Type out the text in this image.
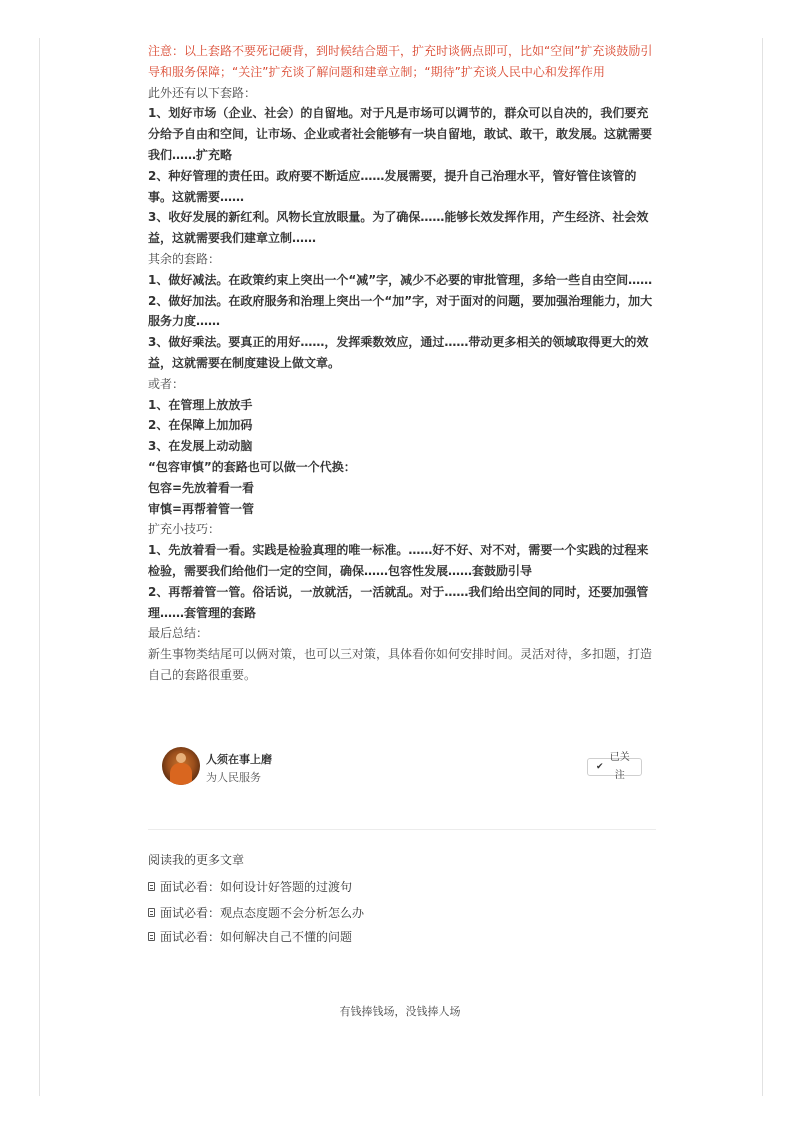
注意：以上套路不要死记硬背，到时候结合题干，扩充时谈俩点即可，比如“空间”扩充谈鼓励引导和服务保障；“关注”扩充谈了解问题和建章立制；“期待”扩充谈人民中心和发挥作用

此外还有以下套路：

1、划好市场（企业、社会）的自留地。对于凡是市场可以调节的，群众可以自决的，我们要充分给予自由和空间，让市场、企业或者社会能够有一块自留地，敢试、敢干，敢发展。这就需要我们……扩充略

2、种好管理的责任田。政府要不断适应……发展需要，提升自己治理水平，管好管住该管的事。这就需要……

3、收好发展的新红利。风物长宜放眼量。为了确保……能够长效发挥作用，产生经济、社会效益，这就需要我们建章立制……

其余的套路：

1、做好减法。在政策约束上突出一个“减”字，减少不必要的审批管理，多给一些自由空间……

2、做好加法。在政府服务和治理上突出一个“加”字，对于面对的问题，要加强治理能力，加大服务力度……

3、做好乘法。要真正的用好……，发挥乘数效应，通过……带动更多相关的领域取得更大的效益，这就需要在制度建设上做文章。

或者：

1、在管理上放放手

2、在保障上加加码

3、在发展上动动脑

“包容审慎”的套路也可以做一个代换：

包容=先放着看一看

审慎=再帮着管一管

扩充小技巧：

1、先放着看一看。实践是检验真理的唯一标准。……好不好、对不对，需要一个实践的过程来检验，需要我们给他们一定的空间，确保……包容性发展……套鼓励引导

2、再帮着管一管。俗话说，一放就活，一活就乱。对于……我们给出空间的同时，还要加强管理……套管理的套路

最后总结：

新生事物类结尾可以俩对策，也可以三对策，具体看你如何安排时间。灵活对待，多扣题，打造自己的套路很重要。

人须在事上磨
为人民服务
✔
已关注
阅读我的更多文章
面试必看：如何设计好答题的过渡句
面试必看：观点态度题不会分析怎么办
面试必看：如何解决自己不懂的问题
有钱捧钱场，没钱捧人场
